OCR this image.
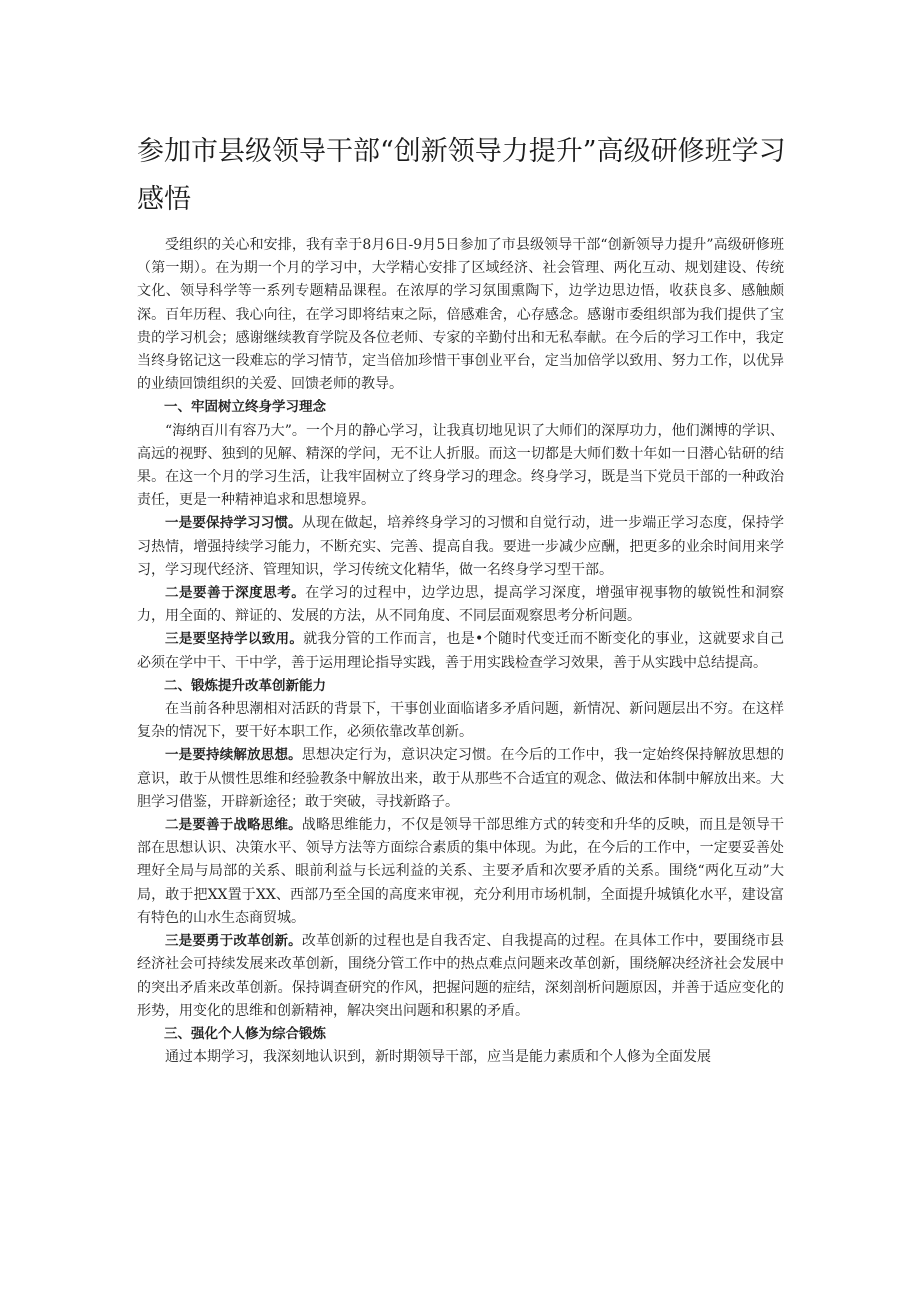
参加市县级领导干部“创新领导力提升”高级研修班学习感悟

受组织的关心和安排，我有幸于8月6日-9月5日参加了市县级领导干部“创新领导力提升”高级研修班（第一期）。在为期一个月的学习中，大学精心安排了区域经济、社会管理、两化互动、规划建设、传统文化、领导科学等一系列专题精品课程。在浓厚的学习氛围熏陶下，边学边思边悟，收获良多、感触颇深。百年历程、我心向往，在学习即将结束之际，倍感难舍，心存感念。感谢市委组织部为我们提供了宝贵的学习机会；感谢继续教育学院及各位老师、专家的辛勤付出和无私奉献。在今后的学习工作中，我定当终身铭记这一段难忘的学习情节，定当倍加珍惜干事创业平台，定当加倍学以致用、努力工作，以优异的业绩回馈组织的关爱、回馈老师的教导。

一、牢固树立终身学习理念

“海纳百川有容乃大”。一个月的静心学习，让我真切地见识了大师们的深厚功力，他们渊博的学识、高远的视野、独到的见解、精深的学问，无不让人折服。而这一切都是大师们数十年如一日潜心钻研的结果。在这一个月的学习生活，让我牢固树立了终身学习的理念。终身学习，既是当下党员干部的一种政治责任，更是一种精神追求和思想境界。

一是要保持学习习惯。从现在做起，培养终身学习的习惯和自觉行动，进一步端正学习态度，保持学习热情，增强持续学习能力，不断充实、完善、提高自我。要进一步减少应酬，把更多的业余时间用来学习，学习现代经济、管理知识，学习传统文化精华，做一名终身学习型干部。

二是要善于深度思考。在学习的过程中，边学边思，提高学习深度，增强审视事物的敏锐性和洞察力，用全面的、辩证的、发展的方法，从不同角度、不同层面观察思考分析问题。

三是要坚持学以致用。就我分管的工作而言，也是•个随时代变迁而不断变化的事业，这就要求自己必须在学中干、干中学，善于运用理论指导实践，善于用实践检查学习效果，善于从实践中总结提高。

二、锻炼提升改革创新能力

在当前各种思潮相对活跃的背景下，干事创业面临诸多矛盾问题，新情况、新问题层出不穷。在这样复杂的情况下，要干好本职工作，必须依靠改革创新。

一是要持续解放思想。思想决定行为，意识决定习惯。在今后的工作中，我一定始终保持解放思想的意识，敢于从惯性思维和经验教条中解放出来，敢于从那些不合适宜的观念、做法和体制中解放出来。大胆学习借鉴，开辟新途径；敢于突破，寻找新路子。

二是要善于战略思维。战略思维能力，不仅是领导干部思维方式的转变和升华的反映，而且是领导干部在思想认识、决策水平、领导方法等方面综合素质的集中体现。为此，在今后的工作中，一定要妥善处理好全局与局部的关系、眼前利益与长远利益的关系、主要矛盾和次要矛盾的关系。围绕“两化互动”大局，敢于把XX置于XX、西部乃至全国的高度来审视，充分利用市场机制，全面提升城镇化水平，建设富有特色的山水生态商贸城。

三是要勇于改革创新。改革创新的过程也是自我否定、自我提高的过程。在具体工作中，要围绕市县经济社会可持续发展来改革创新，围绕分管工作中的热点难点问题来改革创新，围绕解决经济社会发展中的突出矛盾来改革创新。保持调查研究的作风，把握问题的症结，深刻剖析问题原因，并善于适应变化的形势，用变化的思维和创新精神，解决突出问题和积累的矛盾。

三、强化个人修为综合锻炼

通过本期学习，我深刻地认识到，新时期领导干部，应当是能力素质和个人修为全面发展
